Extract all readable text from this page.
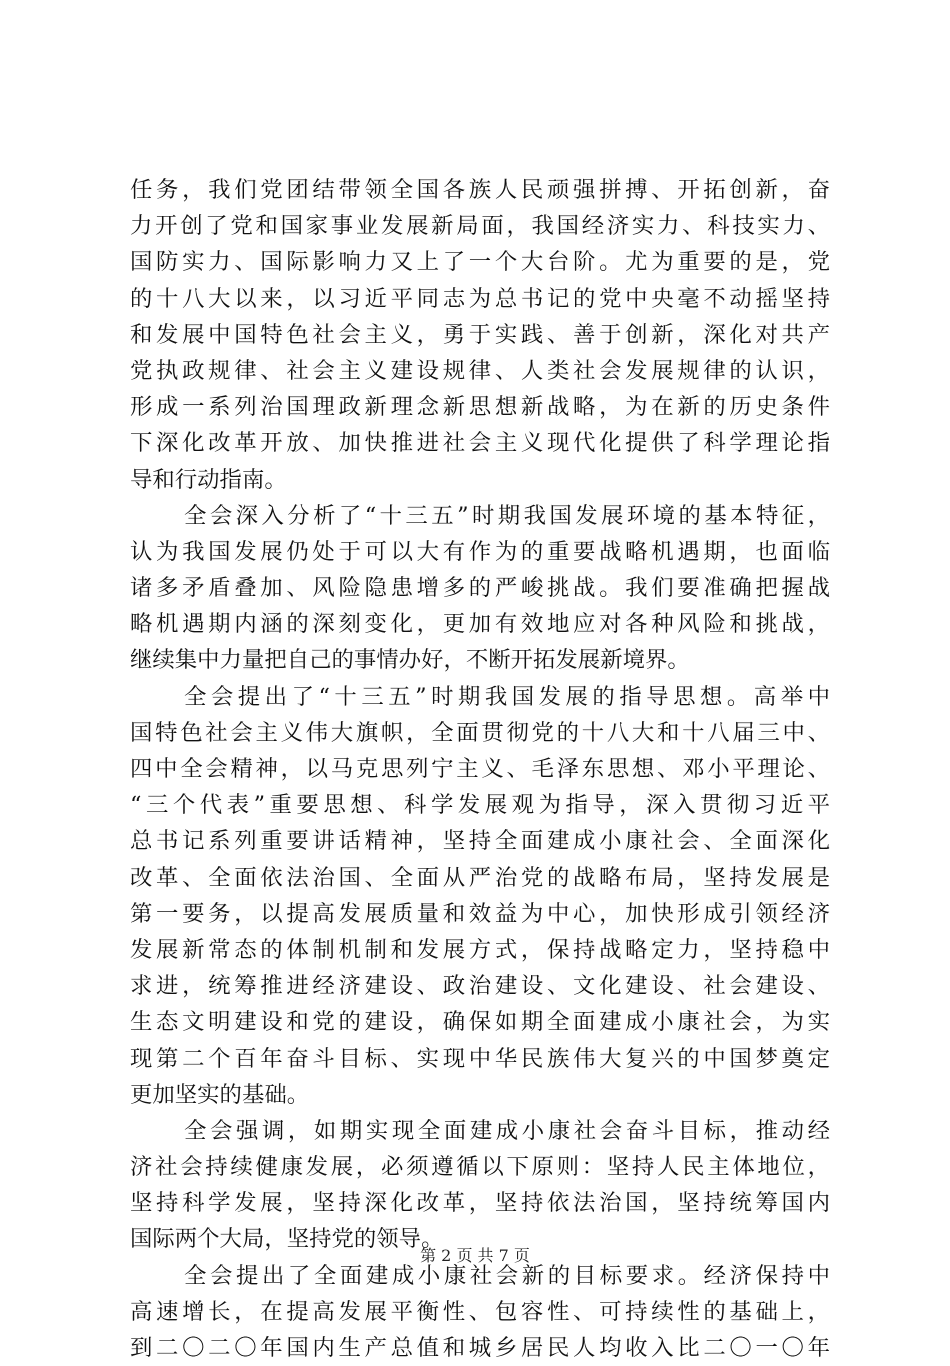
任务，我们党团结带领全国各族人民顽强拼搏、开拓创新，奋
力开创了党和国家事业发展新局面，我国经济实力、科技实力、
国防实力、国际影响力又上了一个大台阶。尤为重要的是，党
的十八大以来，以习近平同志为总书记的党中央毫不动摇坚持
和发展中国特色社会主义，勇于实践、善于创新，深化对共产
党执政规律、社会主义建设规律、人类社会发展规律的认识，
形成一系列治国理政新理念新思想新战略，为在新的历史条件
下深化改革开放、加快推进社会主义现代化提供了科学理论指
导和行动指南。
全会深入分析了“十三五”时期我国发展环境的基本特征，
认为我国发展仍处于可以大有作为的重要战略机遇期，也面临
诸多矛盾叠加、风险隐患增多的严峻挑战。我们要准确把握战
略机遇期内涵的深刻变化，更加有效地应对各种风险和挑战，
继续集中力量把自己的事情办好，不断开拓发展新境界。
全会提出了“十三五”时期我国发展的指导思想。高举中
国特色社会主义伟大旗帜，全面贯彻党的十八大和十八届三中、
四中全会精神，以马克思列宁主义、毛泽东思想、邓小平理论、
“三个代表”重要思想、科学发展观为指导，深入贯彻习近平
总书记系列重要讲话精神，坚持全面建成小康社会、全面深化
改革、全面依法治国、全面从严治党的战略布局，坚持发展是
第一要务，以提高发展质量和效益为中心，加快形成引领经济
发展新常态的体制机制和发展方式，保持战略定力，坚持稳中
求进，统筹推进经济建设、政治建设、文化建设、社会建设、
生态文明建设和党的建设，确保如期全面建成小康社会，为实
现第二个百年奋斗目标、实现中华民族伟大复兴的中国梦奠定
更加坚实的基础。
全会强调，如期实现全面建成小康社会奋斗目标，推动经
济社会持续健康发展，必须遵循以下原则：坚持人民主体地位，
坚持科学发展，坚持深化改革，坚持依法治国，坚持统筹国内
国际两个大局，坚持党的领导。
全会提出了全面建成小康社会新的目标要求。经济保持中
高速增长，在提高发展平衡性、包容性、可持续性的基础上，
到二〇二〇年国内生产总值和城乡居民人均收入比二〇一〇年
第 2 页 共 7 页
